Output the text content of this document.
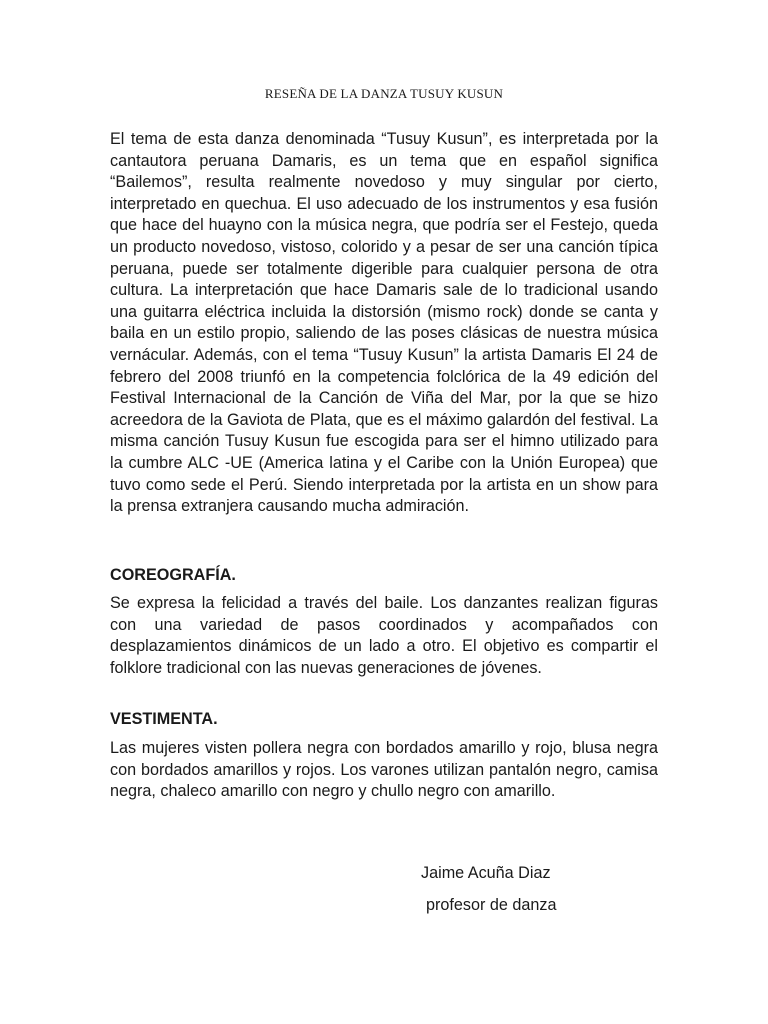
RESEÑA DE LA DANZA TUSUY KUSUN

El tema de esta danza denominada “Tusuy Kusun”, es interpretada por la cantautora peruana Damaris, es un tema que en español significa “Bailemos”, resulta realmente novedoso y muy singular por cierto, interpretado en quechua. El uso adecuado de los instrumentos y esa fusión que hace del huayno con la música negra, que podría ser el Festejo, queda un producto novedoso, vistoso, colorido y a pesar de ser una canción típica peruana, puede ser totalmente digerible para cualquier persona de otra cultura. La interpretación que hace Damaris sale de lo tradicional usando una guitarra eléctrica incluida la distorsión (mismo rock) donde se canta y baila en un estilo propio, saliendo de las poses clásicas de nuestra música vernácular. Además, con el tema “Tusuy Kusun” la artista Damaris El 24 de febrero del 2008 triunfó en la competencia folclórica de la 49 edición del Festival Internacional de la Canción de Viña del Mar, por la que se hizo acreedora de la Gaviota de Plata, que es el máximo galardón del festival. La misma canción Tusuy Kusun fue escogida para ser el himno utilizado para la cumbre ALC -UE (America latina y el Caribe con la Unión Europea) que tuvo como sede el Perú. Siendo interpretada por la artista en un show para la prensa extranjera causando mucha admiración.

COREOGRAFÍA.

Se expresa la felicidad a través del baile. Los danzantes realizan figuras con una variedad de pasos coordinados y acompañados con desplazamientos dinámicos de un lado a otro. El objetivo es compartir el folklore tradicional con las nuevas generaciones de jóvenes.

VESTIMENTA.

Las mujeres visten pollera negra con bordados amarillo y rojo, blusa negra con bordados amarillos y rojos. Los varones utilizan pantalón negro, camisa negra, chaleco amarillo con negro y chullo negro con amarillo.

Jaime Acuña Diaz

profesor de danza
